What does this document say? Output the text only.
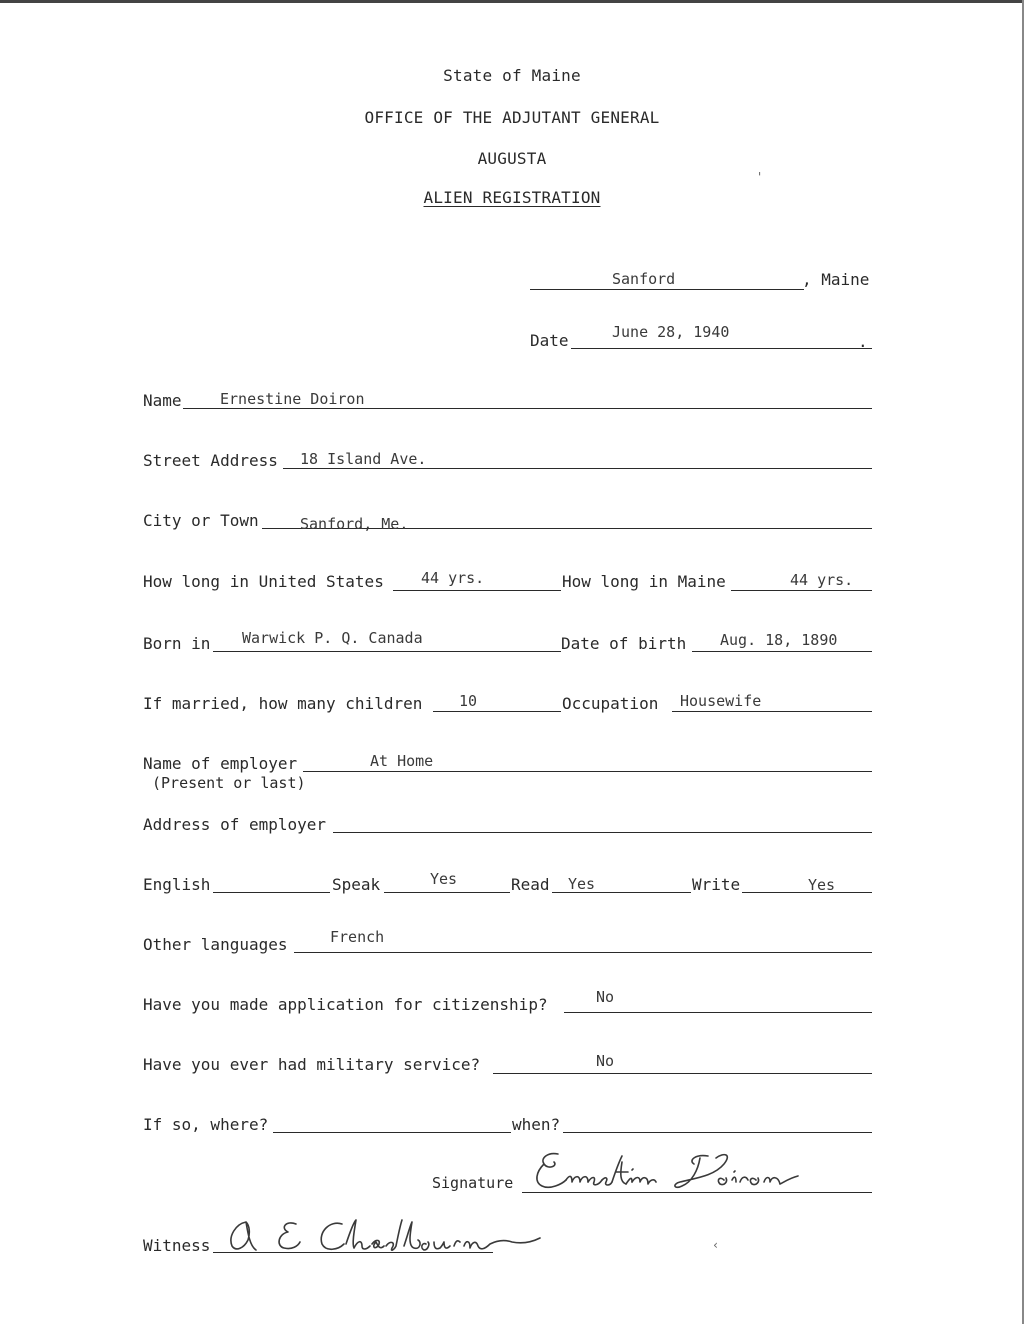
State of Maine
OFFICE OF THE ADJUTANT GENERAL
AUGUSTA
ALIEN REGISTRATION
'
Sanford	, Maine
Date	June 28, 1940	.
Name	Ernestine Doiron
Street Address 18 Island Ave.
City or Town	Sanford, Me.
How long in United States 44 yrs.	How long in Maine	44 yrs.
Born in Warwick P. Q. Canada	Date of birth Aug. 18, 1890
If married, how many children 10	Occupation Housewife
Name of employer
(Present or last)
At Home
Address of employer
English	Speak	Yes	Read Yes	Write	Yes
Other languages	French
Have you made application for citizenship?	No
Have you ever had military service?	No
If so, where?	when?
Signature
Witness	‹
